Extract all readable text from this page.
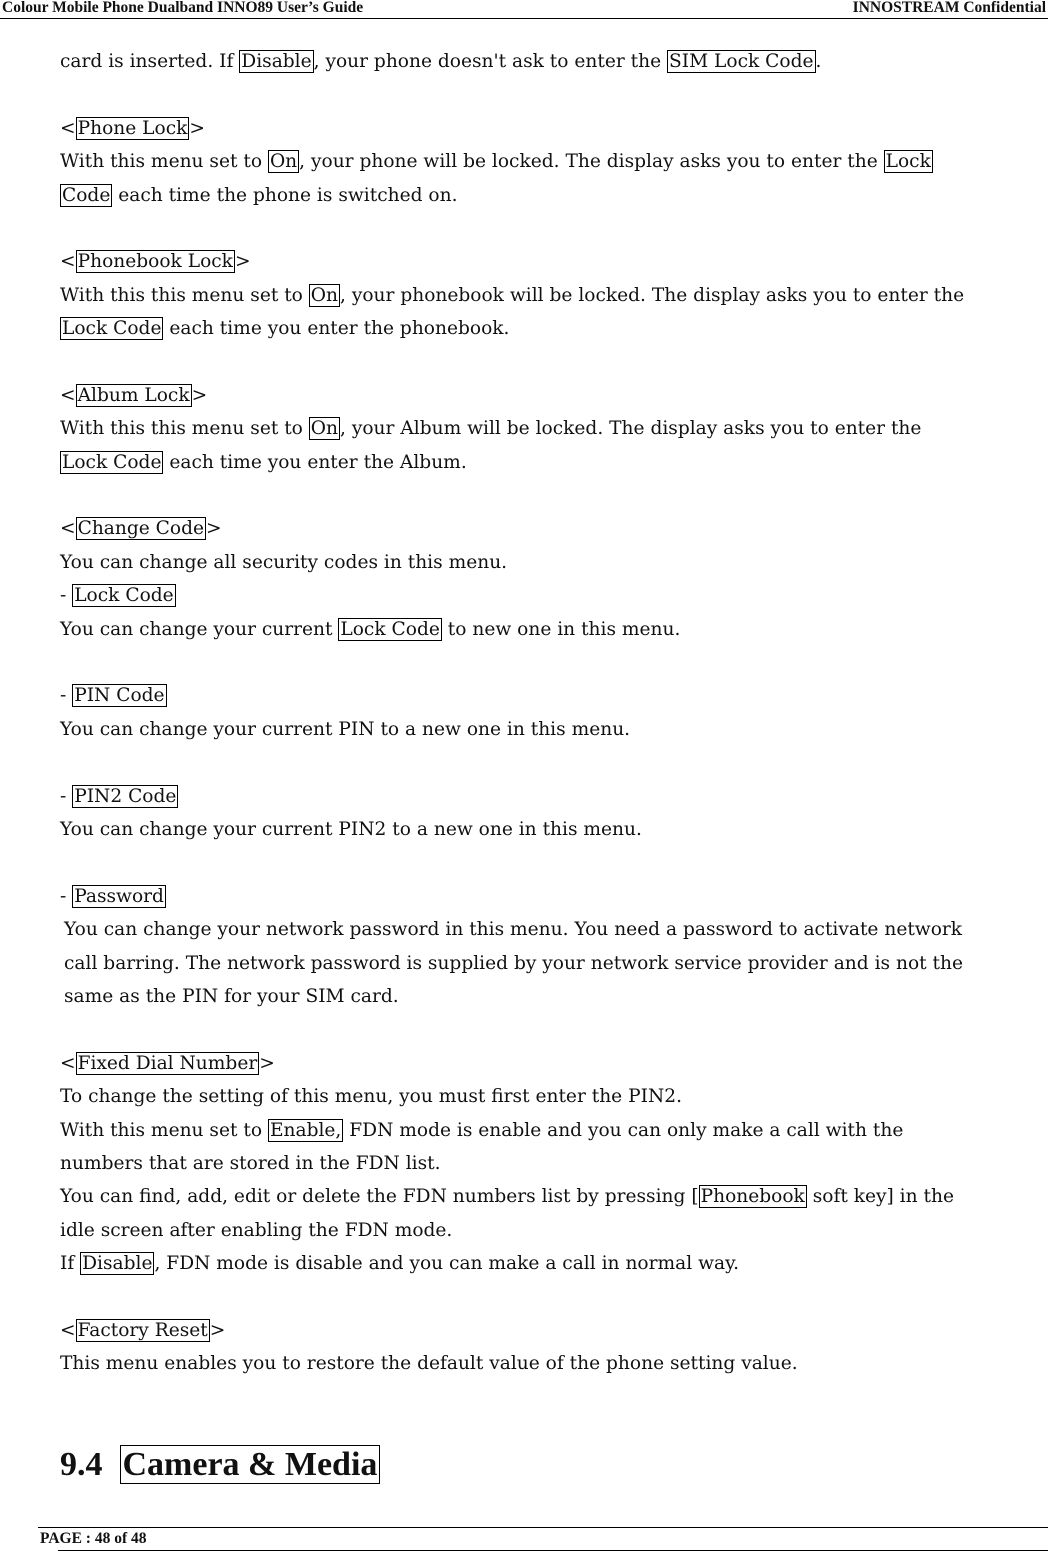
Colour Mobile Phone Dualband INNO89 User’s Guide	INNOSTREAM Confidential
card is inserted. If Disable , your phone doesn't ask to enter the SIM Lock Code .
< Phone Lock >
With this menu set to On , your phone will be locked. The display asks you to enter the Lock
Code each time the phone is switched on.
< Phonebook Lock >
With this this menu set to On , your phonebook will be locked. The display asks you to enter the
Lock Code each time you enter the phonebook.
< Album Lock >
With this this menu set to On , your Album will be locked. The display asks you to enter the
Lock Code each time you enter the Album.
< Change Code >
You can change all security codes in this menu.
- Lock Code
You can change your current Lock Code to new one in this menu.
- PIN Code
You can change your current PIN to a new one in this menu.
- PIN2 Code
You can change your current PIN2 to a new one in this menu.
- Password
You can change your network password in this menu. You need a password to activate network
call barring. The network password is supplied by your network service provider and is not the
same as the PIN for your SIM card.
< Fixed Dial Number >
To change the setting of this menu, you must first enter the PIN2.
With this menu set to Enable, FDN mode is enable and you can only make a call with the
numbers that are stored in the FDN list.
You can find, add, edit or delete the FDN numbers list by pressing [ Phonebook soft key] in the
idle screen after enabling the FDN mode.
If Disable , FDN mode is disable and you can make a call in normal way.
< Factory Reset >
This menu enables you to restore the default value of the phone setting value.
9.4 Camera & Media
PAGE : 48 of 48
